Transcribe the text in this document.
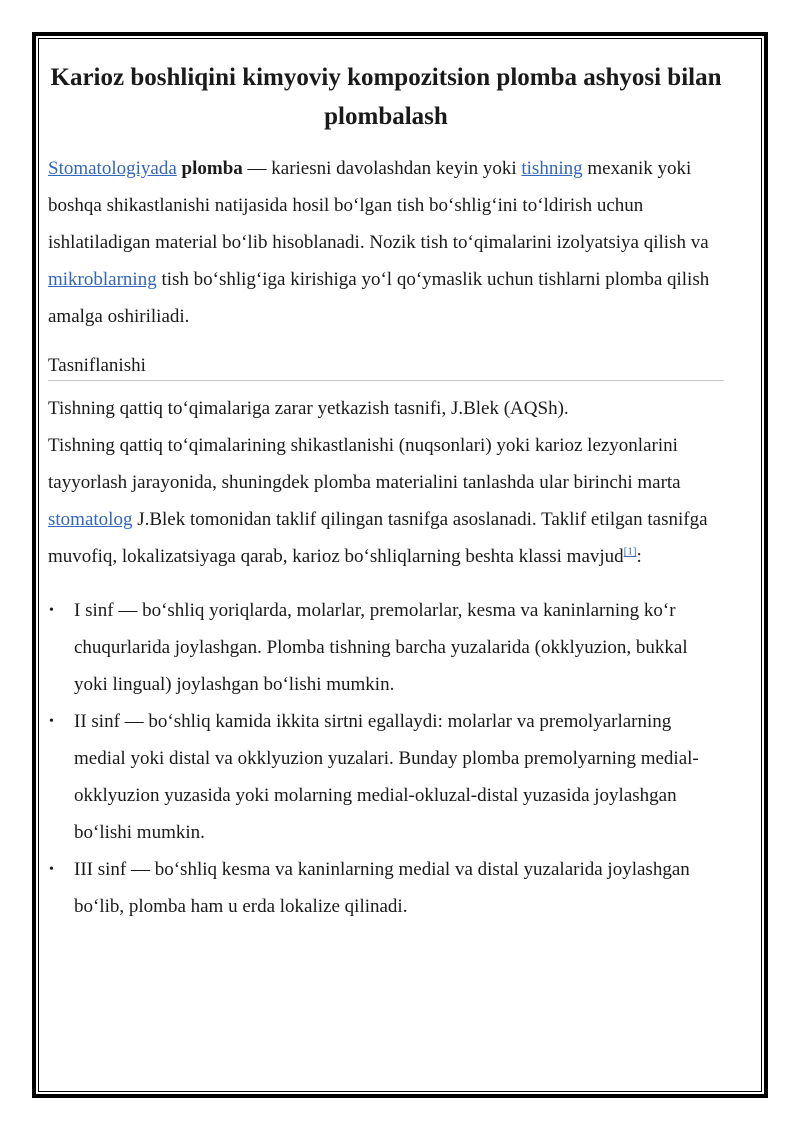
Karioz boshliqini kimyoviy kompozitsion plomba ashyosi bilan plombalash

Stomatologiyada plomba — kariesni davolashdan keyin yoki tishning mexanik yoki boshqa shikastlanishi natijasida hosil boʻlgan tish boʻshligʻini toʻldirish uchun ishlatiladigan material boʻlib hisoblanadi. Nozik tish toʻqimalarini izolyatsiya qilish va mikroblarning tish boʻshligʻiga kirishiga yoʻl qoʻymaslik uchun tishlarni plomba qilish amalga oshiriliadi.

Tasniflanishi

Tishning qattiq toʻqimalariga zarar yetkazish tasnifi, J.Blek (AQSh).

Tishning qattiq toʻqimalarining shikastlanishi (nuqsonlari) yoki karioz lezyonlarini tayyorlash jarayonida, shuningdek plomba materialini tanlashda ular birinchi marta stomatolog J.Blek tomonidan taklif qilingan tasnifga asoslanadi. Taklif etilgan tasnifga muvofiq, lokalizatsiyaga qarab, karioz boʻshliqlarning beshta klassi mavjud[1]:

• I sinf — boʻshliq yoriqlarda, molarlar, premolarlar, kesma va kaninlarning koʻr chuqurlarida joylashgan. Plomba tishning barcha yuzalarida (okklyuzion, bukkal yoki lingual) joylashgan boʻlishi mumkin.
• II sinf — boʻshliq kamida ikkita sirtni egallaydi: molarlar va premolyarlarning medial yoki distal va okklyuzion yuzalari. Bunday plomba premolyarning medial-okklyuzion yuzasida yoki molarning medial-okluzal-distal yuzasida joylashgan boʻlishi mumkin.
• III sinf — boʻshliq kesma va kaninlarning medial va distal yuzalarida joylashgan boʻlib, plomba ham u erda lokalize qilinadi.
